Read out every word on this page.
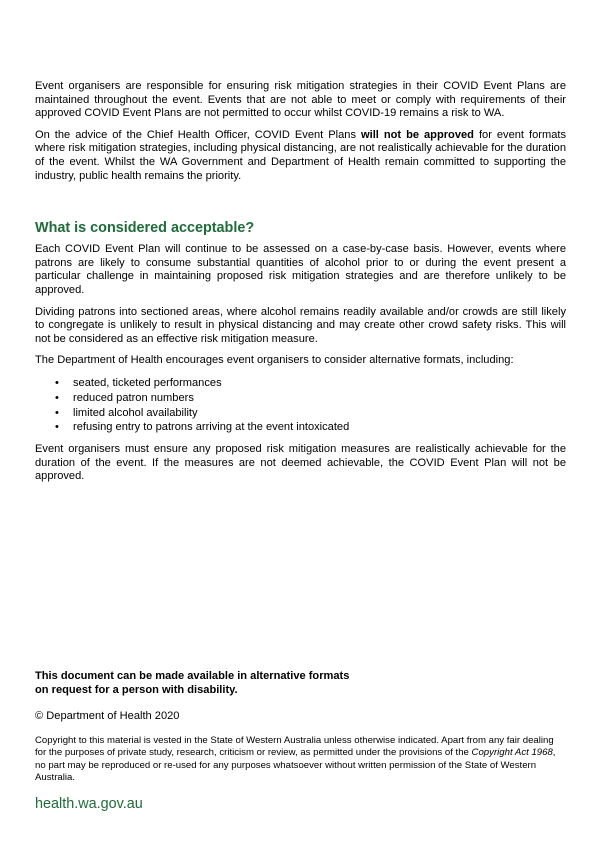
Event organisers are responsible for ensuring risk mitigation strategies in their COVID Event Plans are maintained throughout the event. Events that are not able to meet or comply with requirements of their approved COVID Event Plans are not permitted to occur whilst COVID-19 remains a risk to WA.

On the advice of the Chief Health Officer, COVID Event Plans will not be approved for event formats where risk mitigation strategies, including physical distancing, are not realistically achievable for the duration of the event. Whilst the WA Government and Department of Health remain committed to supporting the industry, public health remains the priority.

What is considered acceptable?

Each COVID Event Plan will continue to be assessed on a case-by-case basis. However, events where patrons are likely to consume substantial quantities of alcohol prior to or during the event present a particular challenge in maintaining proposed risk mitigation strategies and are therefore unlikely to be approved.

Dividing patrons into sectioned areas, where alcohol remains readily available and/or crowds are still likely to congregate is unlikely to result in physical distancing and may create other crowd safety risks. This will not be considered as an effective risk mitigation measure.

The Department of Health encourages event organisers to consider alternative formats, including:

• seated, ticketed performances
• reduced patron numbers
• limited alcohol availability
• refusing entry to patrons arriving at the event intoxicated

Event organisers must ensure any proposed risk mitigation measures are realistically achievable for the duration of the event. If the measures are not deemed achievable, the COVID Event Plan will not be approved.

This document can be made available in alternative formats
on request for a person with disability.
© Department of Health 2020
Copyright to this material is vested in the State of Western Australia unless otherwise indicated. Apart from any fair dealing for the purposes of private study, research, criticism or review, as permitted under the provisions of the Copyright Act 1968, no part may be reproduced or re-used for any purposes whatsoever without written permission of the State of Western Australia.
health.wa.gov.au
